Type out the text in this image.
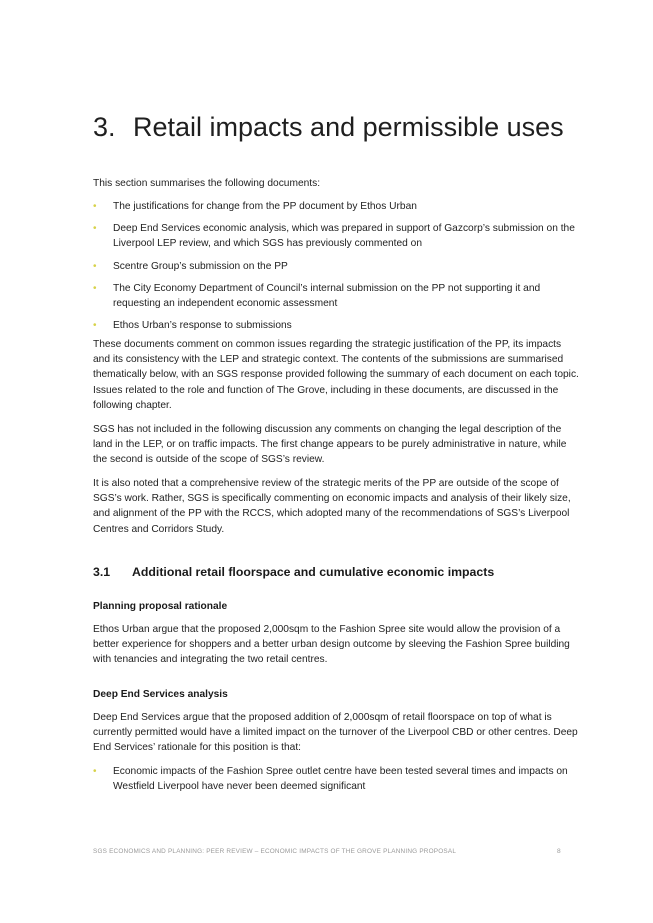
3. Retail impacts and permissible uses
This section summarises the following documents:
• The justifications for change from the PP document by Ethos Urban
• Deep End Services economic analysis, which was prepared in support of Gazcorp’s submission on the Liverpool LEP review, and which SGS has previously commented on
• Scentre Group’s submission on the PP
• The City Economy Department of Council’s internal submission on the PP not supporting it and requesting an independent economic assessment
• Ethos Urban’s response to submissions
These documents comment on common issues regarding the strategic justification of the PP, its impacts and its consistency with the LEP and strategic context. The contents of the submissions are summarised thematically below, with an SGS response provided following the summary of each document on each topic. Issues related to the role and function of The Grove, including in these documents, are discussed in the following chapter.
SGS has not included in the following discussion any comments on changing the legal description of the land in the LEP, or on traffic impacts. The first change appears to be purely administrative in nature, while the second is outside of the scope of SGS’s review.
It is also noted that a comprehensive review of the strategic merits of the PP are outside of the scope of SGS’s work. Rather, SGS is specifically commenting on economic impacts and analysis of their likely size, and alignment of the PP with the RCCS, which adopted many of the recommendations of SGS’s Liverpool Centres and Corridors Study.
3.1 Additional retail floorspace and cumulative economic impacts
Planning proposal rationale
Ethos Urban argue that the proposed 2,000sqm to the Fashion Spree site would allow the provision of a better experience for shoppers and a better urban design outcome by sleeving the Fashion Spree building with tenancies and integrating the two retail centres.
Deep End Services analysis
Deep End Services argue that the proposed addition of 2,000sqm of retail floorspace on top of what is currently permitted would have a limited impact on the turnover of the Liverpool CBD or other centres. Deep End Services’ rationale for this position is that:
• Economic impacts of the Fashion Spree outlet centre have been tested several times and impacts on Westfield Liverpool have never been deemed significant
SGS ECONOMICS AND PLANNING: PEER REVIEW – ECONOMIC IMPACTS OF THE GROVE PLANNING PROPOSAL	8
